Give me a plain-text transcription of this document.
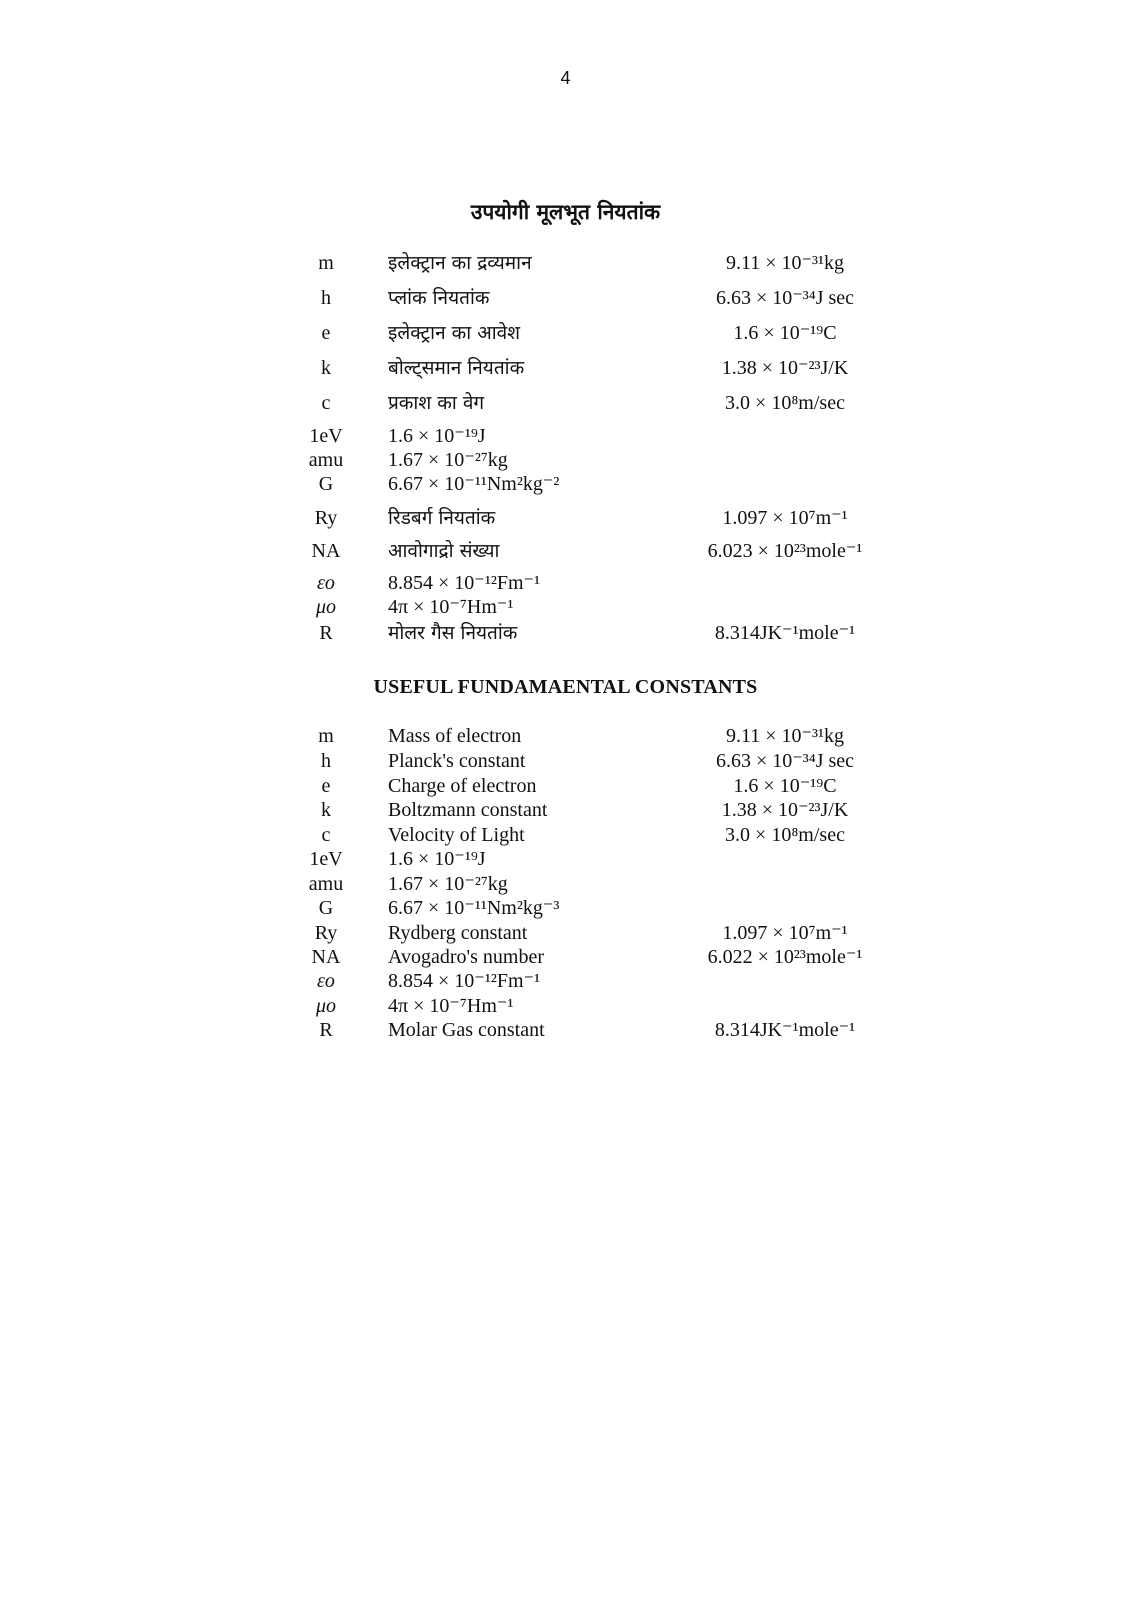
4
उपयोगी मूलभूत नियतांक
m	इलेक्ट्रान का द्रव्यमान	9.11 × 10⁻³¹kg
h	प्लांक नियतांक	6.63 × 10⁻³⁴J sec
e	इलेक्ट्रान का आवेश	1.6 × 10⁻¹⁹C
k	बोल्ट्समान नियतांक	1.38 × 10⁻²³J/K
c	प्रकाश का वेग	3.0 × 10⁸m/sec
1eV	1.6 × 10⁻¹⁹J
amu	1.67 × 10⁻²⁷kg
G	6.67 × 10⁻¹¹Nm²kg⁻²
Ry	रिडबर्ग नियतांक	1.097 × 10⁷m⁻¹
NA	आवोगाद्रो संख्या	6.023 × 10²³mole⁻¹
εo	8.854 × 10⁻¹²Fm⁻¹
μo	4π × 10⁻⁷Hm⁻¹
R	मोलर गैस नियतांक	8.314JK⁻¹mole⁻¹
USEFUL FUNDAMAENTAL CONSTANTS
m	Mass of electron	9.11 × 10⁻³¹kg
h	Planck's constant	6.63 × 10⁻³⁴J sec
e	Charge of electron	1.6 × 10⁻¹⁹C
k	Boltzmann constant	1.38 × 10⁻²³J/K
c	Velocity of Light	3.0 × 10⁸m/sec
1eV	1.6 × 10⁻¹⁹J
amu	1.67 × 10⁻²⁷kg
G	6.67 × 10⁻¹¹Nm²kg⁻³
Ry	Rydberg constant	1.097 × 10⁷m⁻¹
NA	Avogadro's number	6.022 × 10²³mole⁻¹
εo	8.854 × 10⁻¹²Fm⁻¹
μo	4π × 10⁻⁷Hm⁻¹
R	Molar Gas constant	8.314JK⁻¹mole⁻¹
